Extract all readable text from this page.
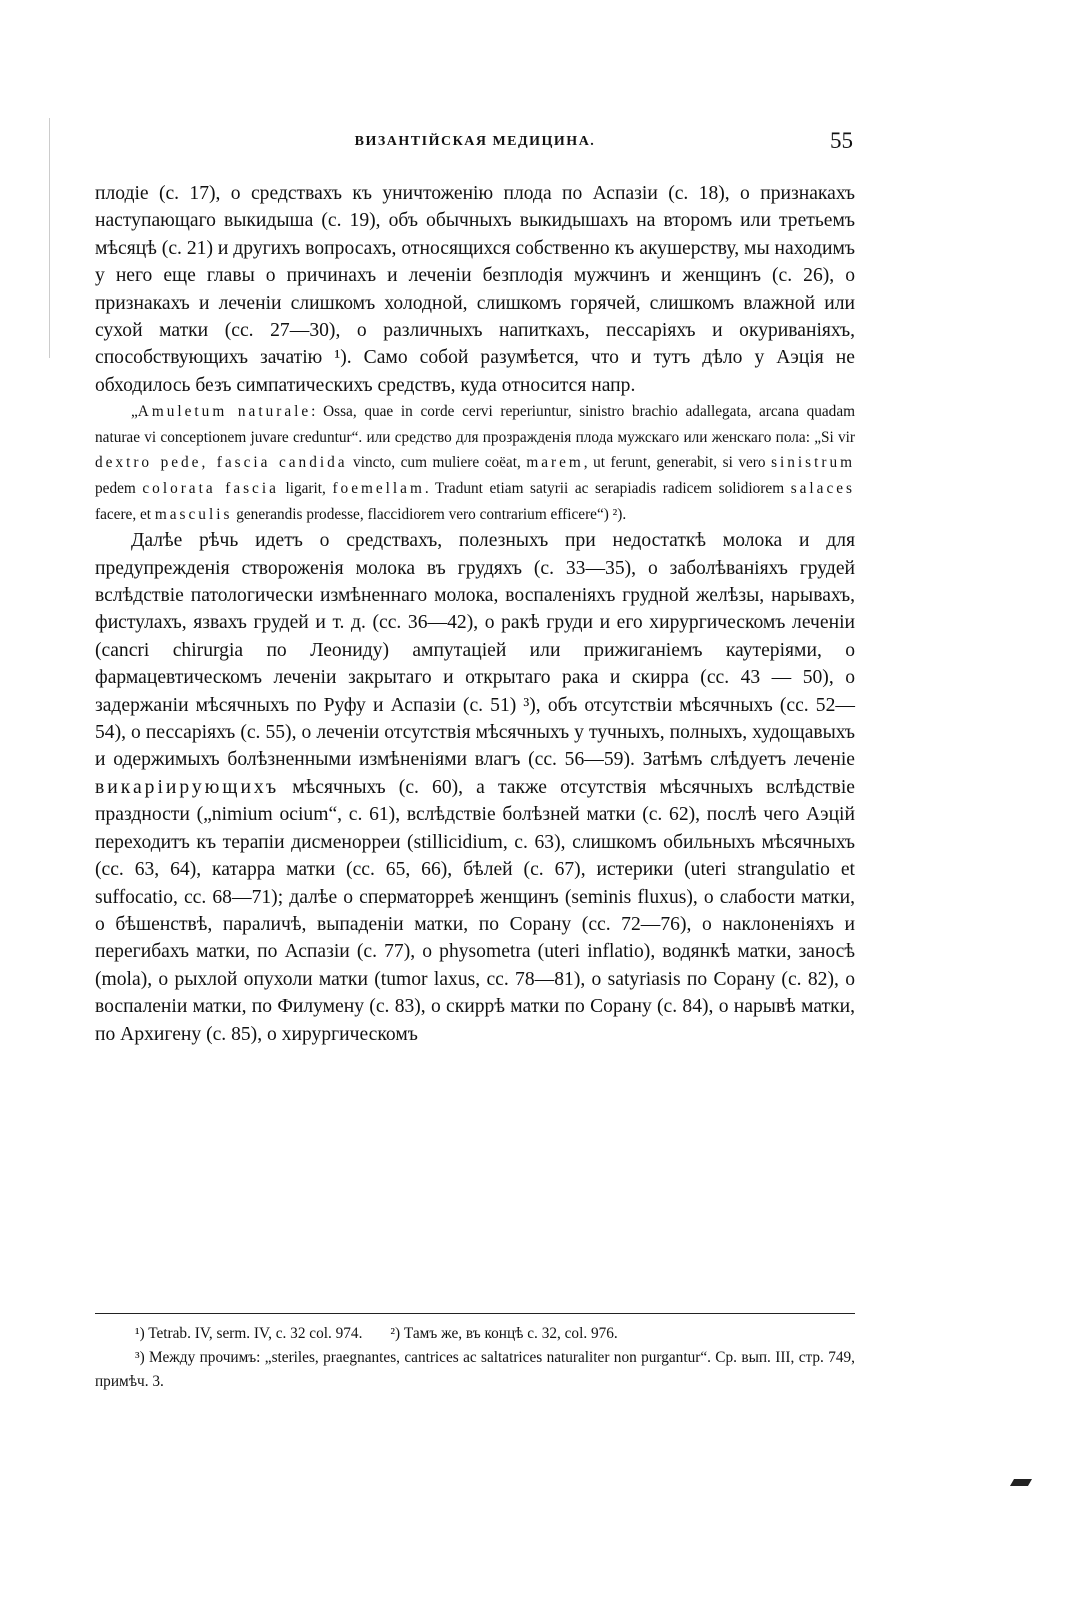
ВИЗАНТІЙСКАЯ МЕДИЦИНА.	55

плодіе (с. 17), о средствахъ къ уничтоженію плода по Аспазіи (с. 18), о признакахъ наступающаго выкидыша (с. 19), объ обычныхъ выкидышахъ на второмъ или третьемъ мѣсяцѣ (с. 21) и другихъ вопросахъ, относящихся собственно къ акушерству, мы находимъ у него еще главы о причинахъ и леченіи безплодія мужчинъ и женщинъ (с. 26), о признакахъ и леченіи слишкомъ холодной, слишкомъ горячей, слишкомъ влажной или сухой матки (сс. 27—30), о различныхъ напиткахъ, пессаріяхъ и окуриваніяхъ, способствующихъ зачатію ¹). Само собой разумѣется, что и тутъ дѣло у Аэція не обходилось безъ симпатическихъ средствъ, куда относится напр.

„Amuletum naturale: Ossa, quae in corde cervi reperiuntur, sinistro brachio adallegata, arcana quadam naturae vi conceptionem juvare creduntur“. или средство для прозражденія плода мужскаго или женскаго пола: „Si vir dextro pede, fascia candida vincto, cum muliere coëat, marem, ut ferunt, generabit, si vero sinistrum pedem colorata fascia ligarit, foemellam. Tradunt etiam satyrii ac serapiadis radicem solidiorem salaces facere, et masculis generandis prodesse, flaccidiorem vero contrarium efficere“) ²).

Далѣе рѣчь идетъ о средствахъ, полезныхъ при недостаткѣ молока и для предупрежденія створоженія молока въ грудяхъ (с. 33—35), о заболѣваніяхъ грудей вслѣдствіе патологически измѣненнаго молока, воспаленіяхъ грудной желѣзы, нарывахъ, фистулахъ, язвахъ грудей и т. д. (сс. 36—42), о ракѣ груди и его хирургическомъ леченіи (cancri chirurgia по Леониду) ампутаціей или прижиганіемъ каутеріями, о фармацевтическомъ леченіи закрытаго и открытаго рака и скирра (сс. 43 — 50), о задержаніи мѣсячныхъ по Руфу и Аспазіи (с. 51) ³), объ отсутствіи мѣсячныхъ (сс. 52—54), о пессаріяхъ (с. 55), о леченіи отсутствія мѣсячныхъ у тучныхъ, полныхъ, худощавыхъ и одержимыхъ болѣзненными измѣненіями влагъ (сс. 56—59). Затѣмъ слѣдуетъ леченіе викаріирующихъ мѣсячныхъ (с. 60), а также отсутствія мѣсячныхъ вслѣдствіе праздности („nimium ocium“, с. 61), вслѣдствіе болѣзней матки (с. 62), послѣ чего Аэцій переходитъ къ терапіи дисменорреи (stillicidium, с. 63), слишкомъ обильныхъ мѣсячныхъ (сс. 63, 64), катарра матки (сс. 65, 66), бѣлей (с. 67), истерики (uteri strangulatio et suffocatio, cc. 68—71); далѣе о сперматорреѣ женщинъ (seminis fluxus), о слабости матки, о бѣшенствѣ, параличѣ, выпаденіи матки, по Сорану (сс. 72—76), о наклоненіяхъ и перегибахъ матки, по Аспазіи (с. 77), о physometra (uteri inflatio), водянкѣ матки, заносѣ (mola), о рыхлой опухоли матки (tumor laxus, cc. 78—81), о satyriasis по Сорану (с. 82), о воспаленіи матки, по Филумену (с. 83), о скиррѣ матки по Сорану (с. 84), о нарывѣ матки, по Архигену (с. 85), о хирургическомъ

¹) Tetrab. IV, serm. IV, c. 32 col. 974. ²) Тамъ же, въ концѣ с. 32, col. 976.

³) Между прочимъ: „steriles, praegnantes, cantrices ac saltatrices naturaliter non purgantur“. Ср. вып. III, стр. 749, примѣч. 3.
